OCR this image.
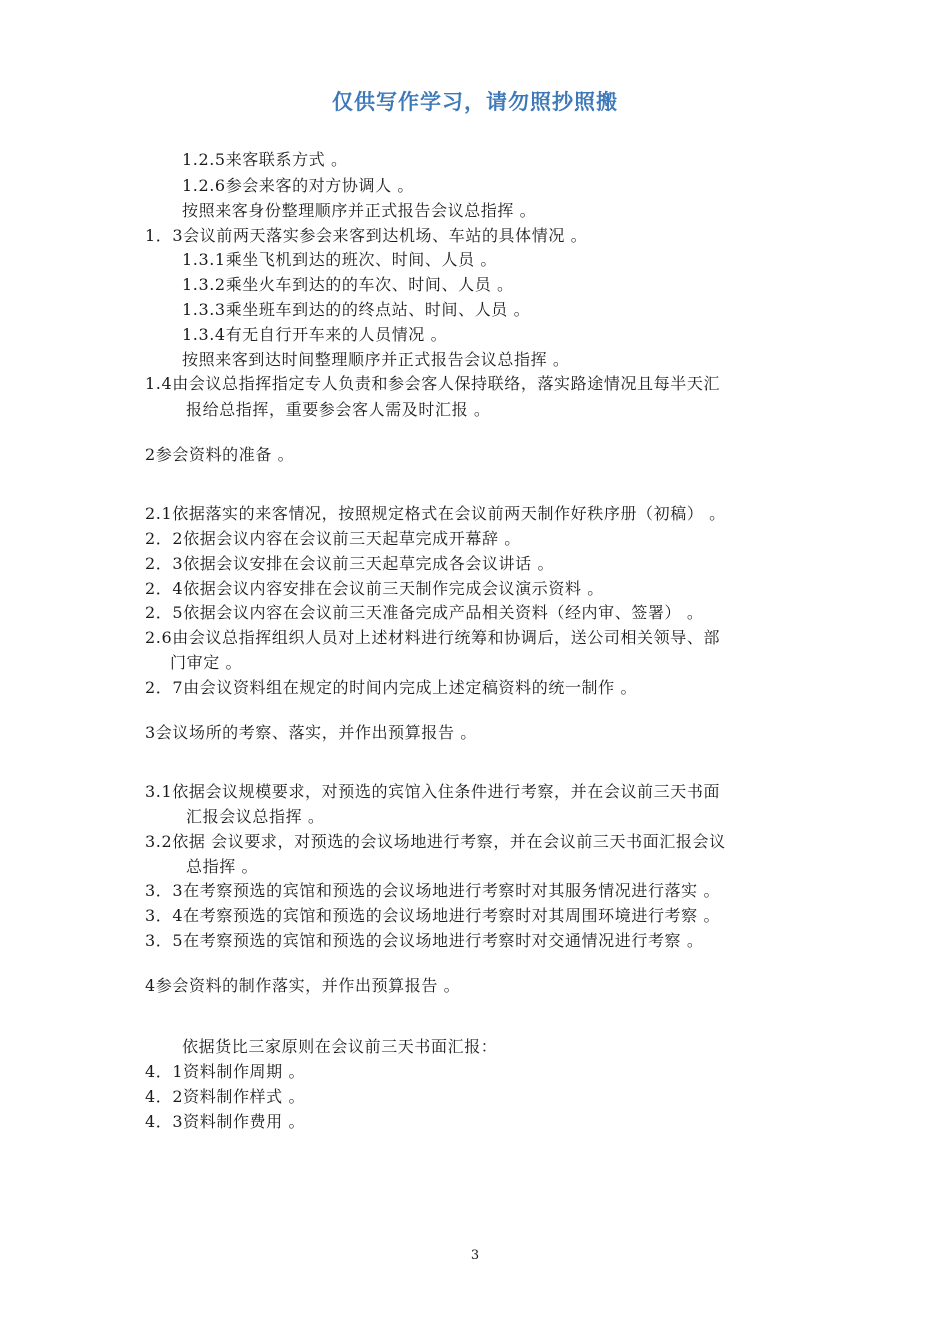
仅供写作学习，请勿照抄照搬
1.2.5来客联系方式 。
1.2.6参会来客的对方协调人 。
按照来客身份整理顺序并正式报告会议总指挥 。
1．3会议前两天落实参会来客到达机场、车站的具体情况 。
1.3.1乘坐飞机到达的班次、时间、人员 。
1.3.2乘坐火车到达的的车次、时间、人员 。
1.3.3乘坐班车到达的的终点站、时间、人员 。
1.3.4有无自行开车来的人员情况 。
按照来客到达时间整理顺序并正式报告会议总指挥 。
1.4由会议总指挥指定专人负责和参会客人保持联络，落实路途情况且每半天汇
报给总指挥，重要参会客人需及时汇报 。
2参会资料的准备 。
2.1依据落实的来客情况，按照规定格式在会议前两天制作好秩序册（初稿） 。
2．2依据会议内容在会议前三天起草完成开幕辞 。
2．3依据会议安排在会议前三天起草完成各会议讲话 。
2．4依据会议内容安排在会议前三天制作完成会议演示资料 。
2．5依据会议内容在会议前三天准备完成产品相关资料（经内审、签署） 。
2.6由会议总指挥组织人员对上述材料进行统筹和协调后，送公司相关领导、部
门审定 。
2．7由会议资料组在规定的时间内完成上述定稿资料的统一制作 。
3会议场所的考察、落实，并作出预算报告 。
3.1依据会议规模要求，对预选的宾馆入住条件进行考察，并在会议前三天书面
汇报会议总指挥 。
3.2依据 会议要求，对预选的会议场地进行考察，并在会议前三天书面汇报会议
总指挥 。
3．3在考察预选的宾馆和预选的会议场地进行考察时对其服务情况进行落实 。
3．4在考察预选的宾馆和预选的会议场地进行考察时对其周围环境进行考察 。
3．5在考察预选的宾馆和预选的会议场地进行考察时对交通情况进行考察 。
4参会资料的制作落实，并作出预算报告 。
依据货比三家原则在会议前三天书面汇报：
4．1资料制作周期 。
4．2资料制作样式 。
4．3资料制作费用 。
3
